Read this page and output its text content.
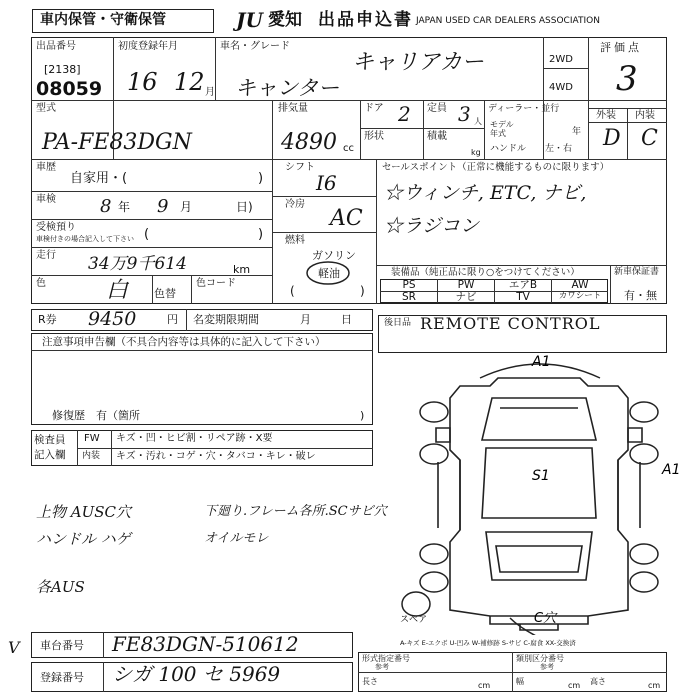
車内保管・守衛保管	JU 愛知 出品申込書 JAPAN USED CAR DEALERS ASSOCIATION
出品番号
[2138]
08059
初度登録年月
16 12 月
車名・グレード
キャリアカー
キャンター
2WD
4WD
評価点
3
外装 内装
D C
型式
PA-FE83DGN
排気量
4890 cc
ドア 2 定員 3 人
形状	積載
kg
ディーラー・並行
モデル年式	年
ハンドル 左・右
車歴
自家用・(	)
車検 8 年 9 月	日)
受検預り
車検付きの場合記入して下さい (	)
走行 34万9千614	km
色	白 色替
色コード
シフト
I6
冷房
AC
燃料
ガソリン
軽油
(	)
セールスポイント（正常に機能するものに限ります）
☆ウィンチ, ETC, ナビ,
☆ラジコン
装備品（純正品に限り○をつけてください）	新車保証書
有・無
PS	PW	エアB	AW
SR	ナビ	TV	カワシート
R券 9450	円 名変期限期間	月日 後日品 REMOTE CONTROL
注意事項申告欄（不具合内容等は具体的に記入して下さい）
修復歴　有（箇所	)
検査員
記入欄
FW キズ・凹・ヒビ割・リペア跡・X要
内装 キズ・汚れ・コゲ・穴・タバコ・キレ・破レ
上物 AUSC穴
ハンドル ハゲ
各AUS
下廻り.フレーム各所.SCサビ穴
オイルモレ
A1
S1	A1
スペア	C穴
車台番号 FE83DGN-510612
登録番号 シガ 100 セ 5969
V	A-キズ E-エクボ U-凹み W-補修跡 S-サビ C-腐食 XX-交換済
形式指定番号
参考
類別区分番号
参考
長さ	cm	幅	cm 高さ	cm
